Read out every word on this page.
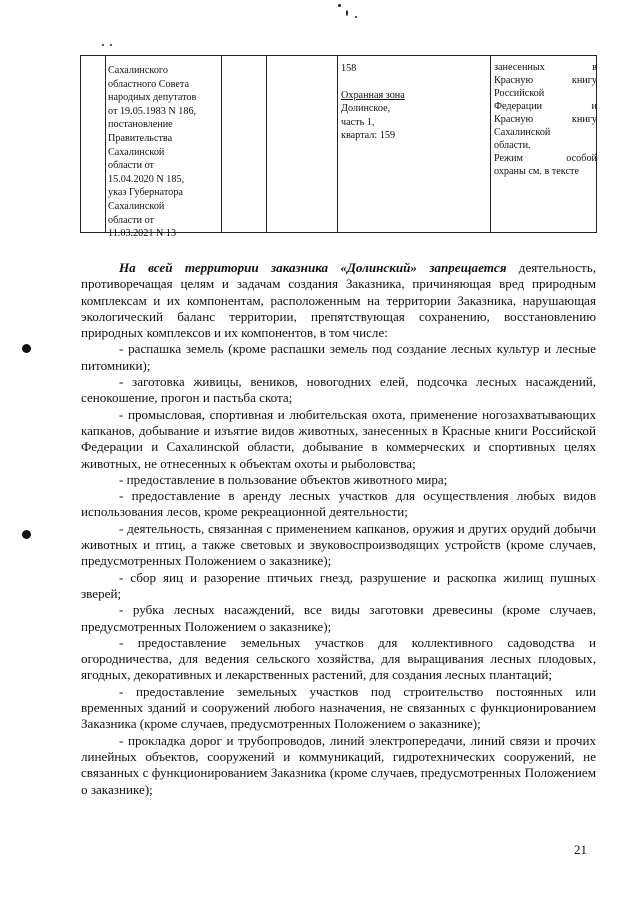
Сахалинского
областного Совета
народных депутатов
от 19.05.1983 N 186,
постановление
Правительства
Сахалинской
области от
15.04.2020 N 185,
указ Губернатора
Сахалинской
области от
11.03.2021 N 13
158
Охранная зона
Долинское,
часть 1,
квартал: 159
занесенных в
Красную книгу
Российской
Федерации и
Красную книгу
Сахалинской
области.
Режим особой
охраны см. в тексте

На всей территории заказника «Долинский» запрещается деятельность, противоречащая целям и задачам создания Заказника, причиняющая вред природным комплексам и их компонентам, расположенным на территории Заказника, нарушающая экологический баланс территории, препятствующая сохранению, восстановлению природных комплексов и их компонентов, в том числе:

- распашка земель (кроме распашки земель под создание лесных культур и лесные питомники);

- заготовка живицы, веников, новогодних елей, подсочка лесных насаждений, сенокошение, прогон и пастьба скота;

- промысловая, спортивная и любительская охота, применение ногозахватывающих капканов, добывание и изъятие видов животных, занесенных в Красные книги Российской Федерации и Сахалинской области, добывание в коммерческих и спортивных целях животных, не отнесенных к объектам охоты и рыболовства;

- предоставление в пользование объектов животного мира;

- предоставление в аренду лесных участков для осуществления любых видов использования лесов, кроме рекреационной деятельности;

- деятельность, связанная с применением капканов, оружия и других орудий добычи животных и птиц, а также световых и звуковоспроизводящих устройств (кроме случаев, предусмотренных Положением о заказнике);

- сбор яиц и разорение птичьих гнезд, разрушение и раскопка жилищ пушных зверей;

- рубка лесных насаждений, все виды заготовки древесины (кроме случаев, предусмотренных Положением о заказнике);

- предоставление земельных участков для коллективного садоводства и огородничества, для ведения сельского хозяйства, для выращивания лесных плодовых, ягодных, декоративных и лекарственных растений, для создания лесных плантаций;

- предоставление земельных участков под строительство постоянных или временных зданий и сооружений любого назначения, не связанных с функционированием Заказника (кроме случаев, предусмотренных Положением о заказнике);

- прокладка дорог и трубопроводов, линий электропередачи, линий связи и прочих линейных объектов, сооружений и коммуникаций, гидротехнических сооружений, не связанных с функционированием Заказника (кроме случаев, предусмотренных Положением о заказнике);

21
